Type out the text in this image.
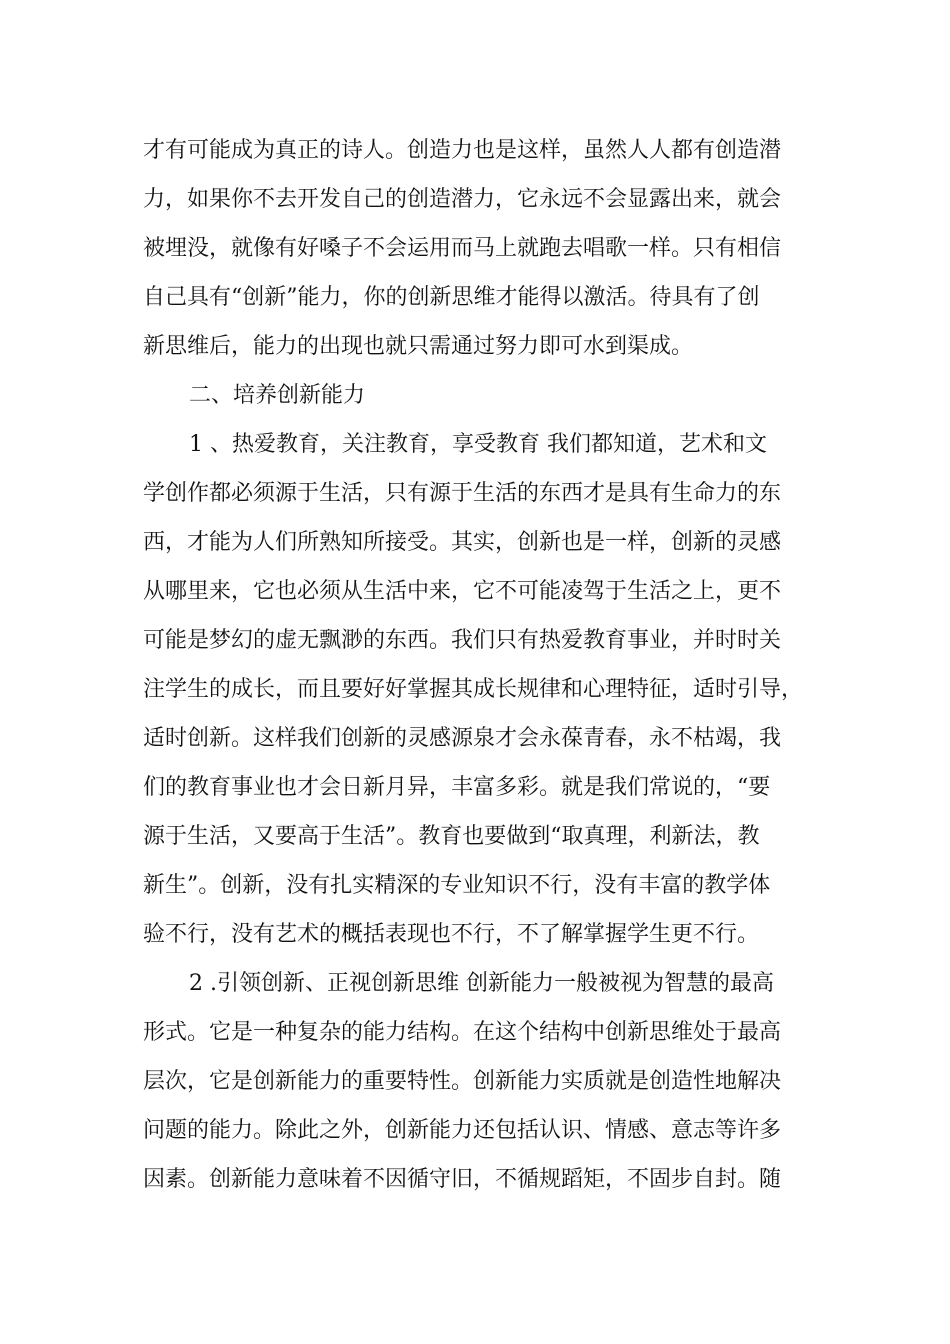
才有可能成为真正的诗人。创造力也是这样，虽然人人都有创造潜
力，如果你不去开发自己的创造潜力，它永远不会显露出来，就会
被埋没，就像有好嗓子不会运用而马上就跑去唱歌一样。只有相信
自己具有“创新”能力，你的创新思维才能得以激活。待具有了创
新思维后，能力的出现也就只需通过努力即可水到渠成。
二、培养创新能力
1 、热爱教育，关注教育，享受教育 我们都知道，艺术和文
学创作都必须源于生活，只有源于生活的东西才是具有生命力的东
西，才能为人们所熟知所接受。其实，创新也是一样，创新的灵感
从哪里来，它也必须从生活中来，它不可能凌驾于生活之上，更不
可能是梦幻的虚无飘渺的东西。我们只有热爱教育事业，并时时关
注学生的成长，而且要好好掌握其成长规律和心理特征，适时引导，
适时创新。这样我们创新的灵感源泉才会永葆青春，永不枯竭，我
们的教育事业也才会日新月异，丰富多彩。就是我们常说的，“要
源于生活，又要高于生活”。教育也要做到“取真理，利新法，教
新生”。创新，没有扎实精深的专业知识不行，没有丰富的教学体
验不行，没有艺术的概括表现也不行，不了解掌握学生更不行。
2 .引领创新、正视创新思维 创新能力一般被视为智慧的最高
形式。它是一种复杂的能力结构。在这个结构中创新思维处于最高
层次，它是创新能力的重要特性。创新能力实质就是创造性地解决
问题的能力。除此之外，创新能力还包括认识、情感、意志等许多
因素。创新能力意味着不因循守旧，不循规蹈矩，不固步自封。随
